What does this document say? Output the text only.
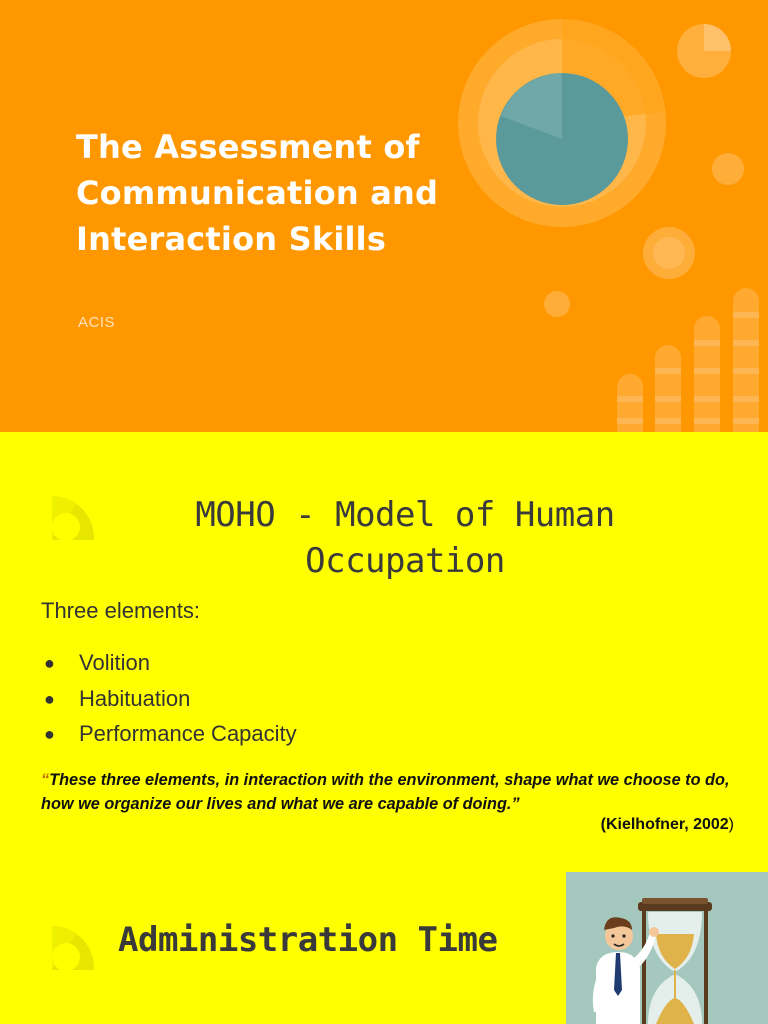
The Assessment of Communication and Interaction Skills
ACIS
MOHO - Model of Human Occupation
Three elements:
● Volition
● Habituation
● Performance Capacity
“These three elements, in interaction with the environment, shape what we choose to do, how we organize our lives and what we are capable of doing.”
(Kielhofner, 2002)
Administration Time
